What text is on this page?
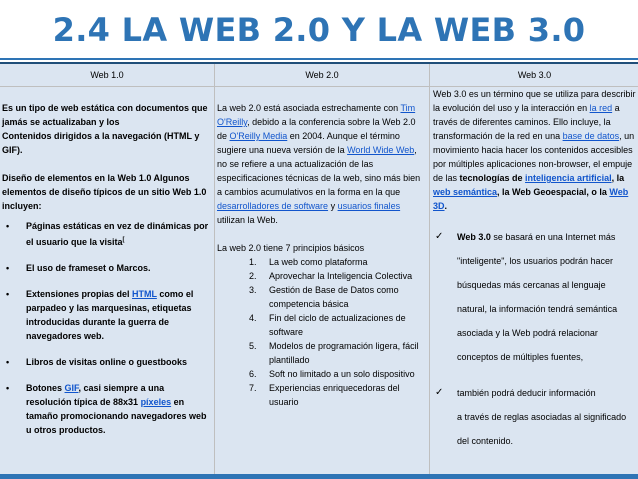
2.4 LA WEB 2.0 Y LA WEB 3.0
Web 1.0	Web 2.0	Web 3.0

Es un tipo de web estática con documentos que jamás se actualizaban y los
Contenidos dirigidos a la navegación (HTML y GIF).

Diseño de elementos en la Web 1.0 Algunos elementos de diseño típicos de un sitio Web 1.0 incluyen:

• Páginas estáticas en vez de dinámicas por el usuario que la visita[
• El uso de frameset o Marcos.
• Extensiones propias del HTML como el parpadeo y las marquesinas, etiquetas introducidas durante la guerra de navegadores web.
• Libros de visitas online o guestbooks
• Botones GIF, casi siempre a una resolución típica de 88x31 píxeles en tamaño promocionando navegadores web u otros productos.

La web 2.0 está asociada estrechamente con Tim O'Reilly, debido a la conferencia sobre la Web 2.0 de O'Reilly Media en 2004. Aunque el término sugiere una nueva versión de la World Wide Web, no se refiere a una actualización de las especificaciones técnicas de la web, sino más bien a cambios acumulativos en la forma en la que desarrolladores de software y usuarios finales utilizan la Web.

La web 2.0 tiene 7 principios básicos

1. La web como plataforma
2. Aprovechar la Inteligencia Colectiva
3. Gestión de Base de Datos como competencia básica
4. Fin del ciclo de actualizaciones de software
5. Modelos de programación ligera, fácil plantillado
6. Soft no limitado a un solo dispositivo
7. Experiencias enriquecedoras del usuario

Web 3.0 es un término que se utiliza para describir la evolución del uso y la interacción en la red a través de diferentes caminos. Ello incluye, la transformación de la red en una base de datos, un movimiento hacia hacer los contenidos accesibles por múltiples aplicaciones non-browser, el empuje de las tecnologías de inteligencia artificial, la web semántica, la Web Geoespacial, o la Web 3D.

✓ Web 3.0 se basará en una Internet más "inteligente", los usuarios podrán hacer búsquedas más cercanas al lenguaje natural, la información tendrá semántica asociada y la Web podrá relacionar conceptos de múltiples fuentes,
✓ también podrá deducir información
a través de reglas asociadas al significado del contenido.
